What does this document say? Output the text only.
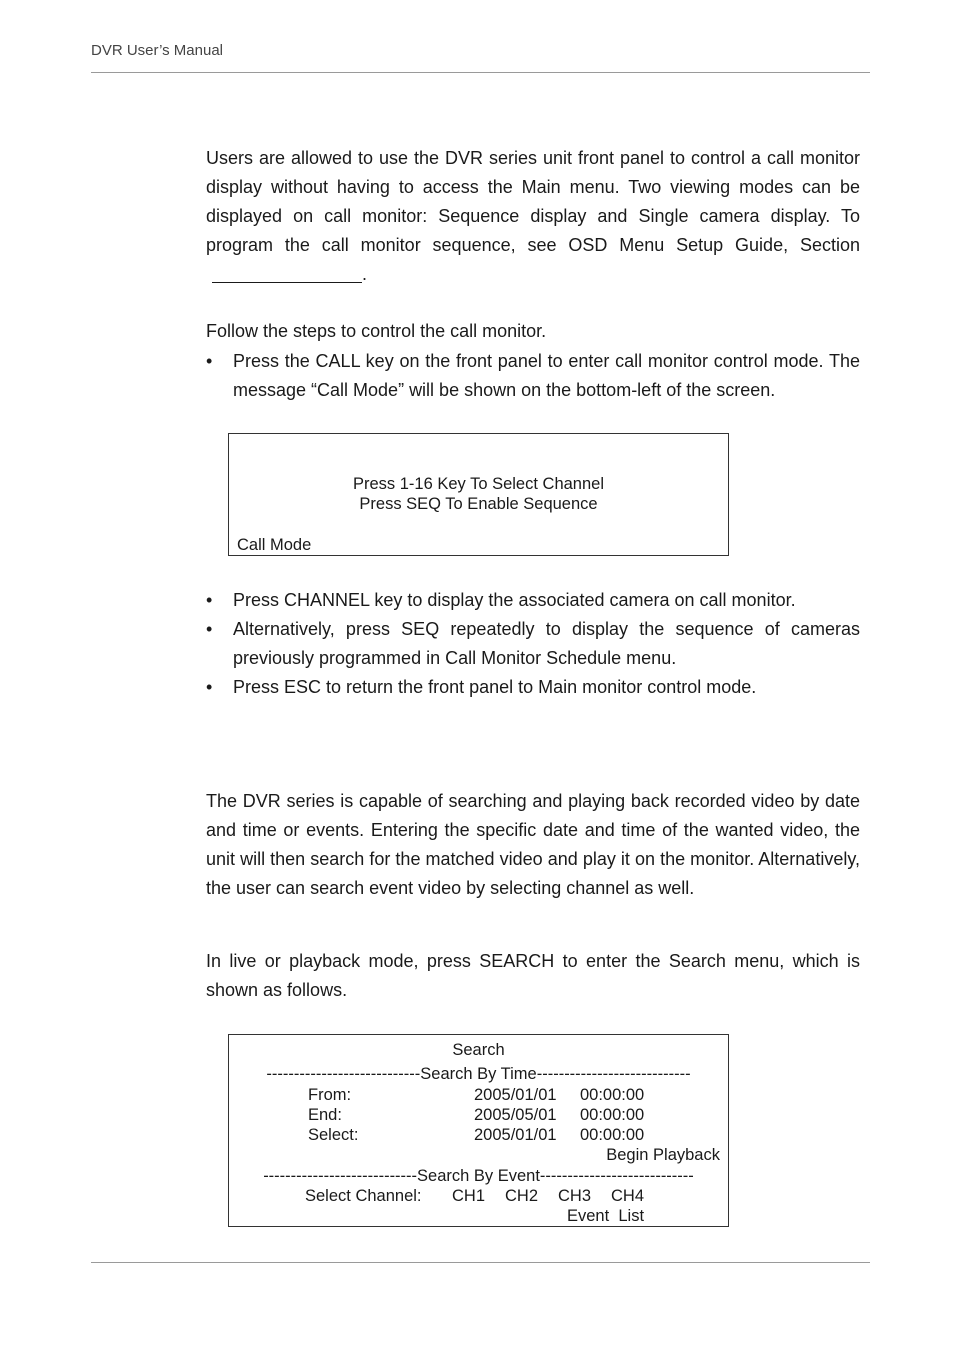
DVR User’s Manual

Users are allowed to use the DVR series unit front panel to control a call monitor display without having to access the Main menu. Two viewing modes can be displayed on call monitor: Sequence display and Single camera display. To program the call monitor sequence, see OSD Menu Setup Guide, Section.

Follow the steps to control the call monitor.

• Press the CALL key on the front panel to enter call monitor control mode. The message “Call Mode” will be shown on the bottom-left of the screen.
Press 1-16 Key To Select Channel
Press SEQ To Enable Sequence
Call Mode
• Press CHANNEL key to display the associated camera on call monitor.
• Alternatively, press SEQ repeatedly to display the sequence of cameras previously programmed in Call Monitor Schedule menu.
• Press ESC to return the front panel to Main monitor control mode.

The DVR series is capable of searching and playing back recorded video by date and time or events. Entering the specific date and time of the wanted video, the unit will then search for the matched video and play it on the monitor. Alternatively, the user can search event video by selecting channel as well.

In live or playback mode, press SEARCH to enter the Search menu, which is shown as follows.

Search
----------------------------Search By Time----------------------------
From:	2005/01/01 00:00:00
End:	2005/05/01 00:00:00
Select:	2005/01/01 00:00:00
Begin Playback
----------------------------Search By Event----------------------------
Select Channel: CH1 CH2 CH3 CH4
Event  List
